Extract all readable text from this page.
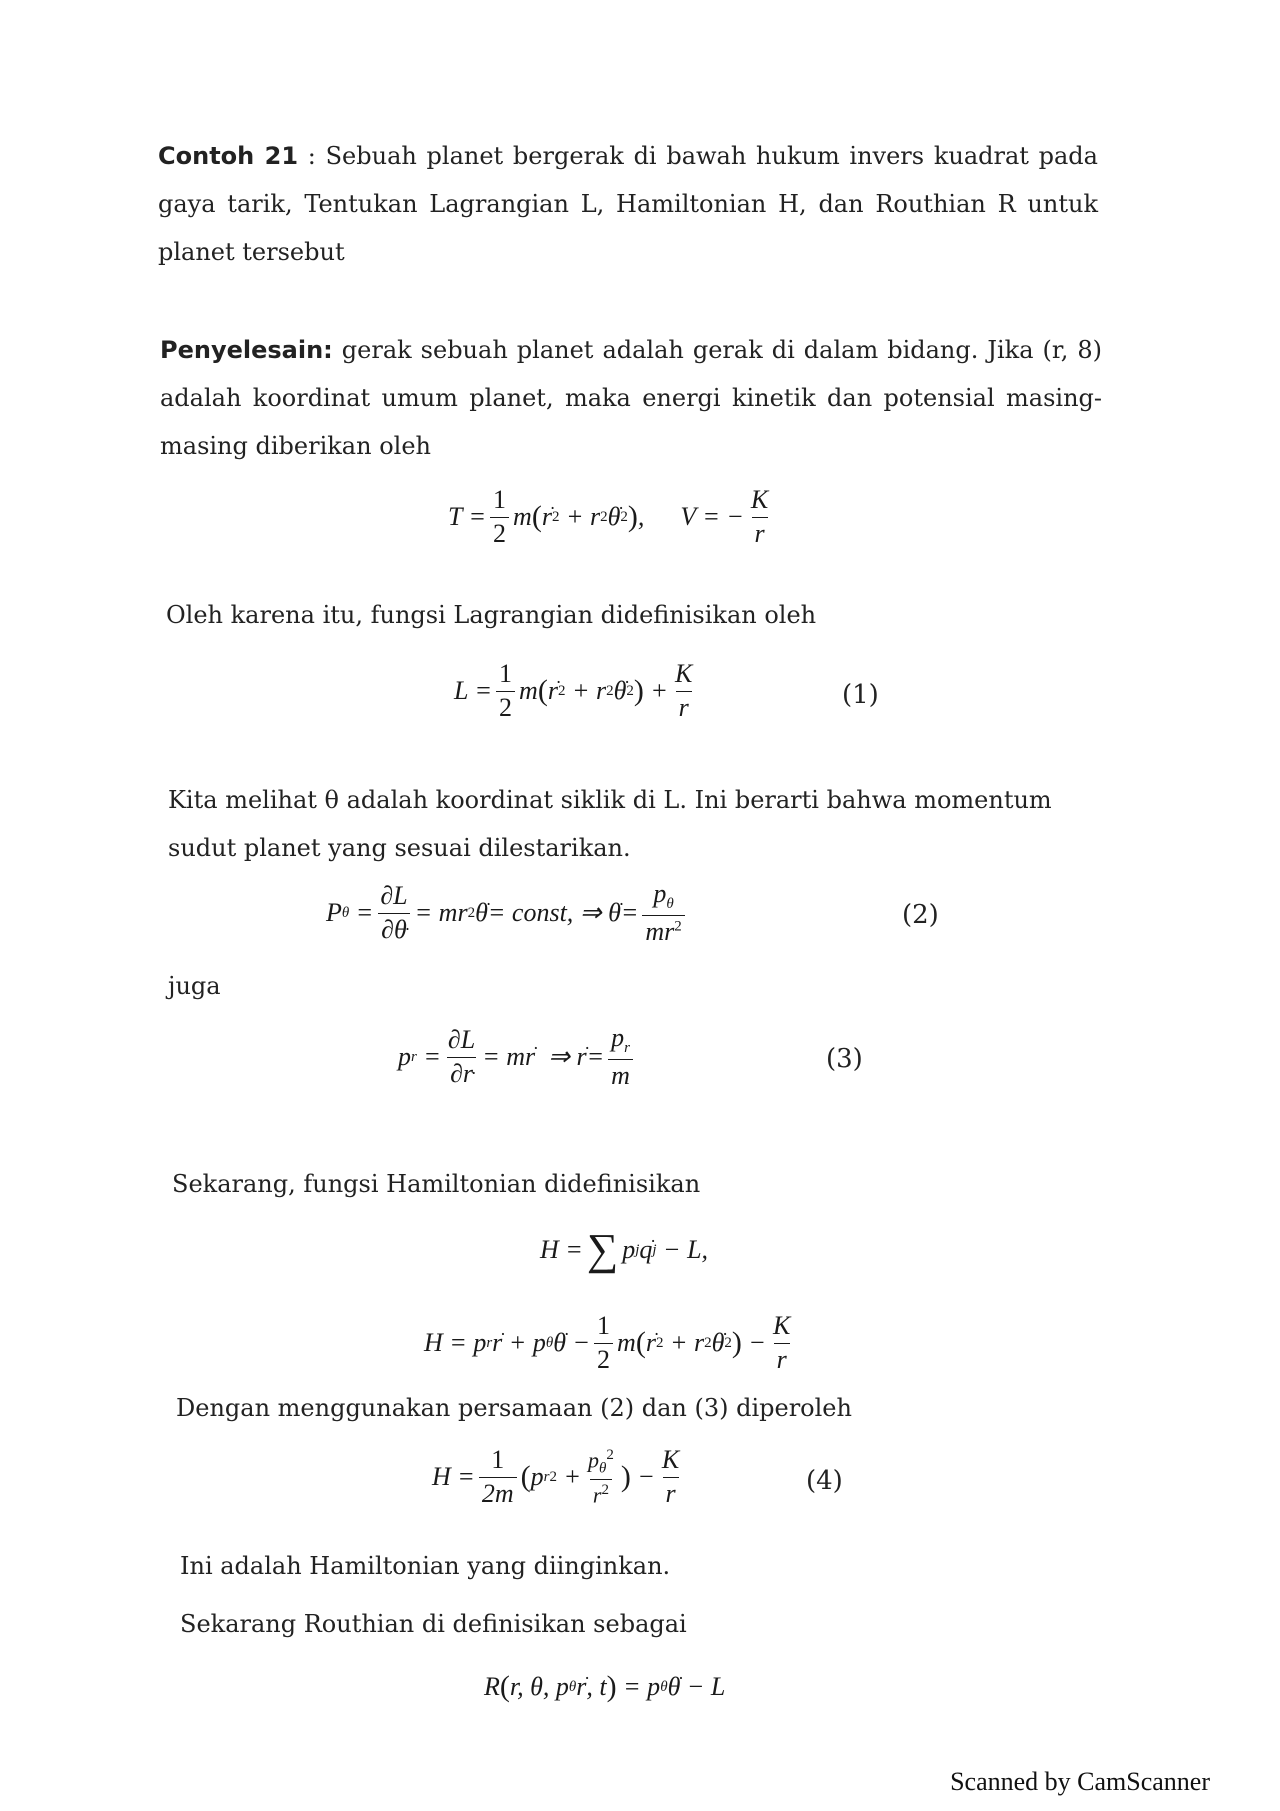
Contoh 21 : Sebuah planet bergerak di bawah hukum invers kuadrat pada gaya tarik, Tentukan Lagrangian L, Hamiltonian H, dan Routhian R untuk planet tersebut

Penyelesain: gerak sebuah planet adalah gerak di dalam bidang. Jika (r, 8) adalah koordinat umum planet, maka energi kinetik dan potensial masing-masing diberikan oleh

$T = \frac{1}{2}$ m ( r 2 + r 2 θ 2 ) ,
V = − $\frac{K}{r}$

Oleh karena itu, fungsi Lagrangian didefinisikan oleh

$L = \frac{1}{2}$ m ( r 2 + r 2 θ 2 ) + $\frac{K}{r}$	(1)

Kita melihat θ adalah koordinat siklik di L. Ini berarti bahwa momentum sudut planet yang sesuai dilestarikan.

P $\theta = \frac{\partial L}{\partial\theta}$ = mr 2 θ
= const, ⇒ θ
= $\frac{p_\theta}{mr^2}$	(2)

juga

p $r = \frac{\partial L}{\partial r}$ = mr
⇒ r
= $\frac{p_r}{m}$	(3)

Sekarang, fungsi Hamiltonian didefinisikan

H = ∑ p j q j − L,
H = p r r
+ p θ θ
− $\frac{1}{2}$ m ( r 2 + r 2 θ 2 ) − $\frac{K}{r}$

Dengan menggunakan persamaan (2) dan (3) diperoleh

$H = \frac{1}{2m}$ ( p r $2 + \frac{p_\theta^2}{r^2}$ ) − $\frac{K}{r}$	(4)

Ini adalah Hamiltonian yang diinginkan.

Sekarang Routhian di definisikan sebagai

R ( r, θ, p θ r
, t ) = p θ θ
− L
Scanned by CamScanner
